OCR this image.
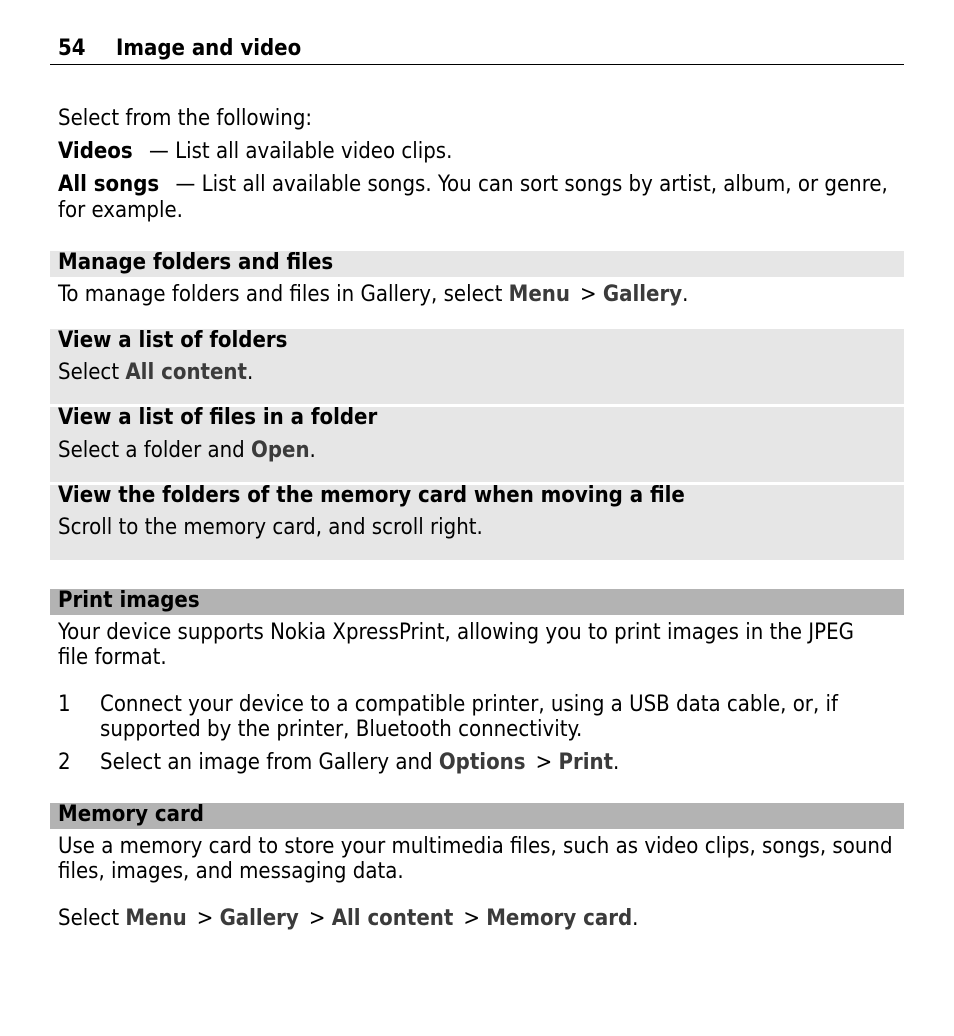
54 Image and video
Select from the following:
Videos — List all available video clips.
All songs — List all available songs. You can sort songs by artist, album, or genre,
for example.
Manage folders and files
To manage folders and files in Gallery, select Menu > Gallery.
View a list of folders
Select All content.
View a list of files in a folder
Select a folder and Open.
View the folders of the memory card when moving a file
Scroll to the memory card, and scroll right.
Print images
Your device supports Nokia XpressPrint, allowing you to print images in the JPEG
file format.
1 Connect your device to a compatible printer, using a USB data cable, or, if
supported by the printer, Bluetooth connectivity.
2 Select an image from Gallery and Options > Print.
Memory card
Use a memory card to store your multimedia files, such as video clips, songs, sound
files, images, and messaging data.
Select Menu > Gallery > All content > Memory card.
